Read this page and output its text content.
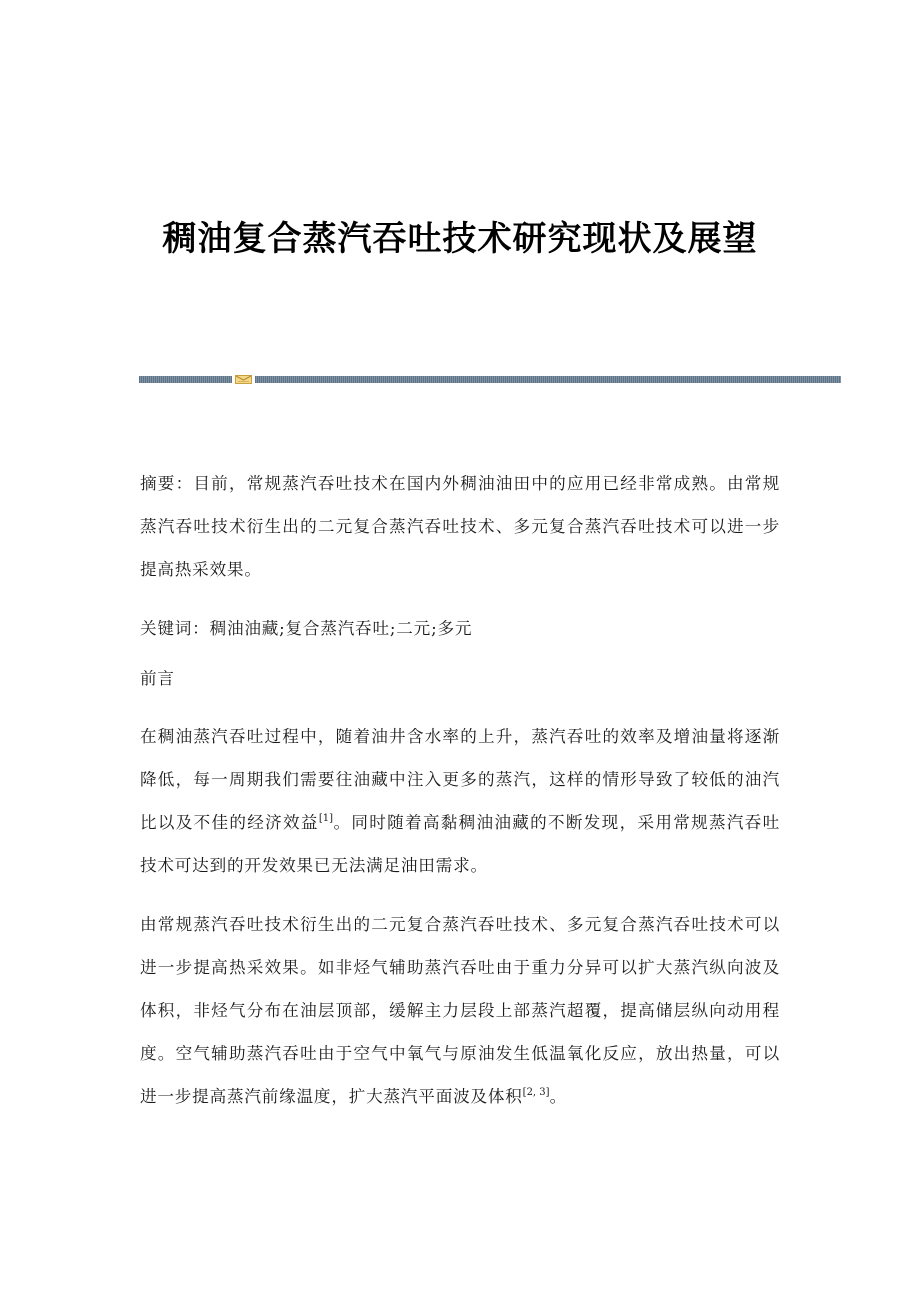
稠油复合蒸汽吞吐技术研究现状及展望

摘要：目前，常规蒸汽吞吐技术在国内外稠油油田中的应用已经非常成熟。由常规蒸汽吞吐技术衍生出的二元复合蒸汽吞吐技术、多元复合蒸汽吞吐技术可以进一步提高热采效果。

关键词：稠油油藏;复合蒸汽吞吐;二元;多元

前言

在稠油蒸汽吞吐过程中，随着油井含水率的上升，蒸汽吞吐的效率及增油量将逐渐降低，每一周期我们需要往油藏中注入更多的蒸汽，这样的情形导致了较低的油汽比以及不佳的经济效益[1]。同时随着高黏稠油油藏的不断发现，采用常规蒸汽吞吐技术可达到的开发效果已无法满足油田需求。

由常规蒸汽吞吐技术衍生出的二元复合蒸汽吞吐技术、多元复合蒸汽吞吐技术可以进一步提高热采效果。如非烃气辅助蒸汽吞吐由于重力分异可以扩大蒸汽纵向波及体积，非烃气分布在油层顶部，缓解主力层段上部蒸汽超覆，提高储层纵向动用程度。空气辅助蒸汽吞吐由于空气中氧气与原油发生低温氧化反应，放出热量，可以进一步提高蒸汽前缘温度，扩大蒸汽平面波及体积[2, 3]。
